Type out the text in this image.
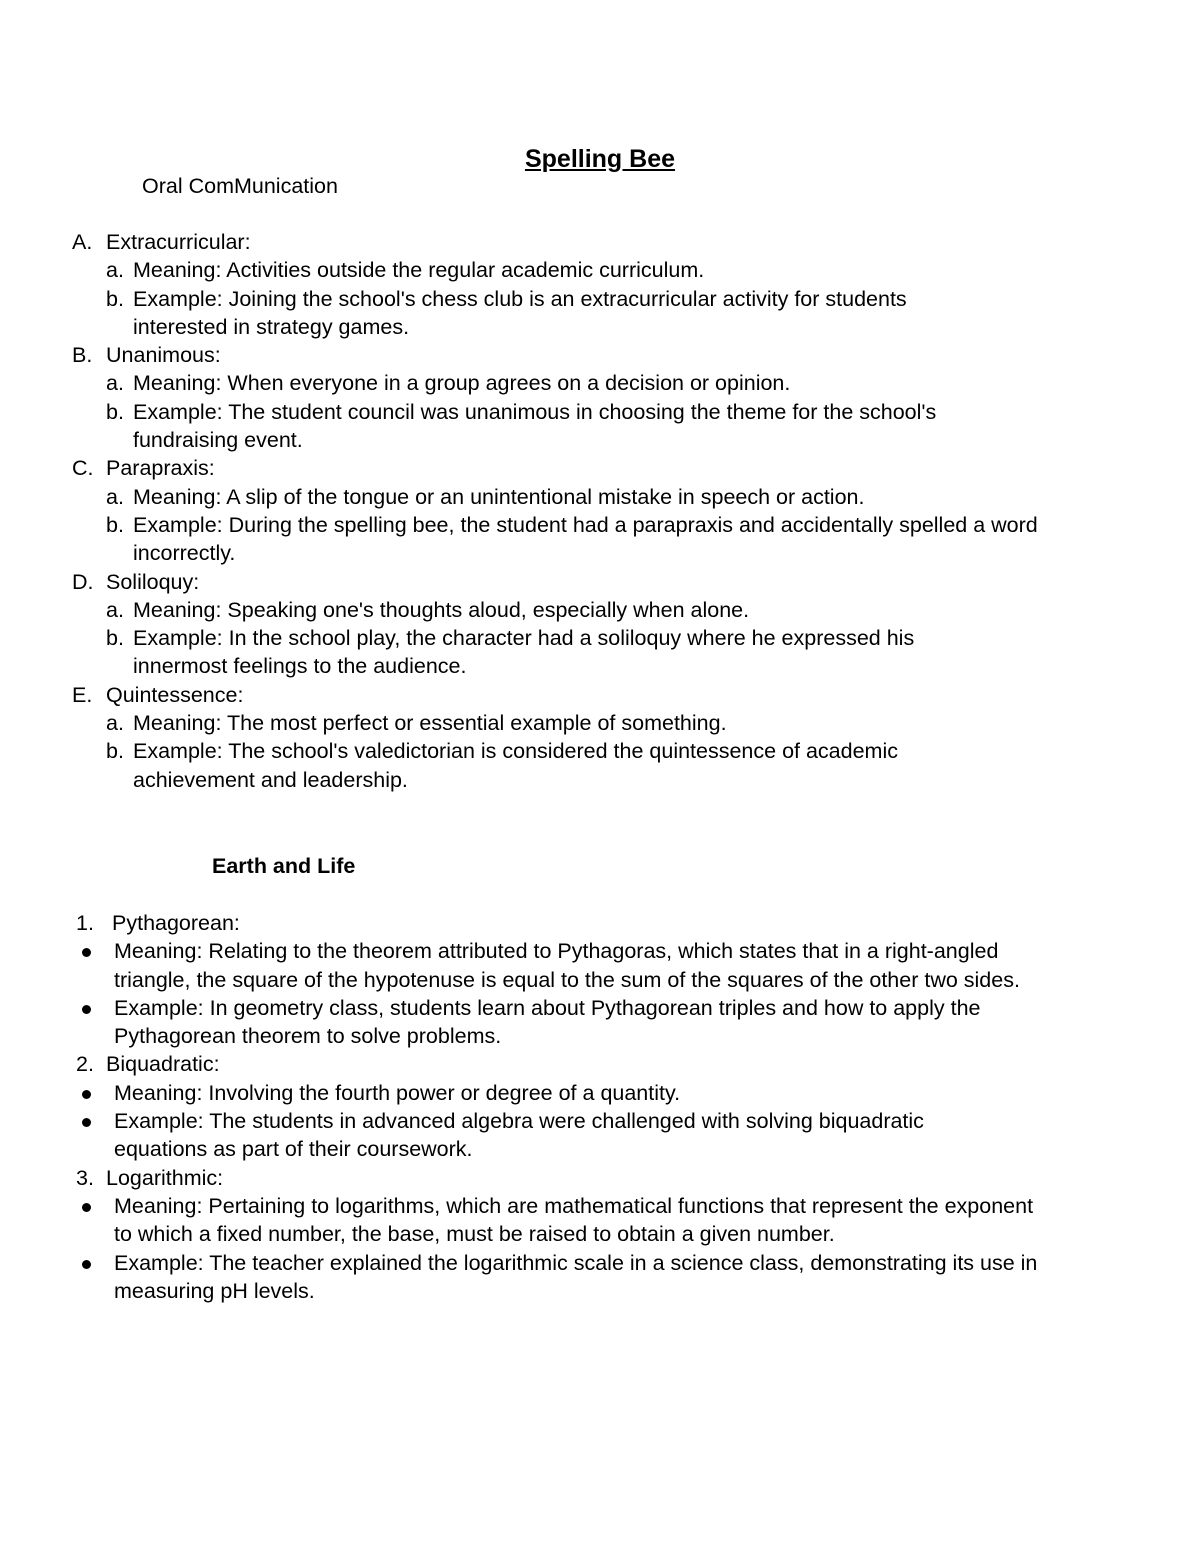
Spelling Bee
Oral ComMunication
A. Extracurricular:
a. Meaning: Activities outside the regular academic curriculum.
b. Example: Joining the school's chess club is an extracurricular activity for students interested in strategy games.
B. Unanimous:
a. Meaning: When everyone in a group agrees on a decision or opinion.
b. Example: The student council was unanimous in choosing the theme for the school's fundraising event.
C. Parapraxis:
a. Meaning: A slip of the tongue or an unintentional mistake in speech or action.
b. Example: During the spelling bee, the student had a parapraxis and accidentally spelled a word incorrectly.
D. Soliloquy:
a. Meaning: Speaking one's thoughts aloud, especially when alone.
b. Example: In the school play, the character had a soliloquy where he expressed his innermost feelings to the audience.
E. Quintessence:
a. Meaning: The most perfect or essential example of something.
b. Example: The school's valedictorian is considered the quintessence of academic achievement and leadership.
Earth and Life
1. Pythagorean:
Meaning: Relating to the theorem attributed to Pythagoras, which states that in a right-angled triangle, the square of the hypotenuse is equal to the sum of the squares of the other two sides.
Example: In geometry class, students learn about Pythagorean triples and how to apply the Pythagorean theorem to solve problems.
2. Biquadratic:
Meaning: Involving the fourth power or degree of a quantity.
Example: The students in advanced algebra were challenged with solving biquadratic equations as part of their coursework.
3. Logarithmic:
Meaning: Pertaining to logarithms, which are mathematical functions that represent the exponent to which a fixed number, the base, must be raised to obtain a given number.
Example: The teacher explained the logarithmic scale in a science class, demonstrating its use in measuring pH levels.
